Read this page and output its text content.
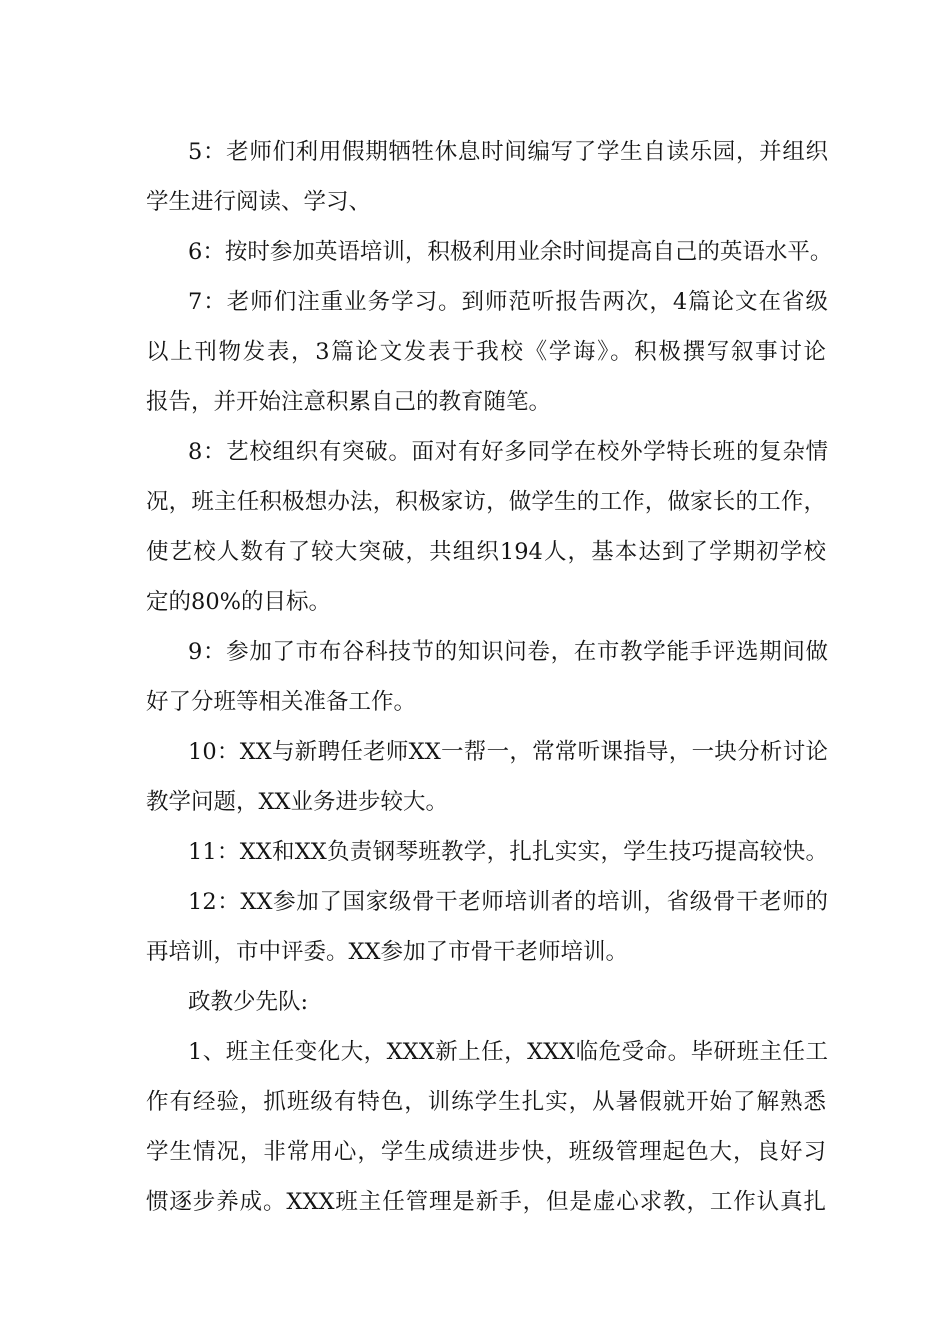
5：老师们利用假期牺牲休息时间编写了学生自读乐园，并组织

学生进行阅读、学习、

6：按时参加英语培训，积极利用业余时间提高自己的英语水平。

7：老师们注重业务学习。到师范听报告两次，4篇论文在省级

以上刊物发表，3篇论文发表于我校《学诲》。积极撰写叙事讨论

报告，并开始注意积累自己的教育随笔。

8：艺校组织有突破。面对有好多同学在校外学特长班的复杂情

况，班主任积极想办法，积极家访，做学生的工作，做家长的工作，

使艺校人数有了较大突破，共组织194人，基本达到了学期初学校

定的80%的目标。

9：参加了市布谷科技节的知识问卷，在市教学能手评选期间做

好了分班等相关准备工作。

10：XX与新聘任老师XX一帮一，常常听课指导，一块分析讨论

教学问题，XX业务进步较大。

11：XX和XX负责钢琴班教学，扎扎实实，学生技巧提高较快。

12：XX参加了国家级骨干老师培训者的培训，省级骨干老师的

再培训，市中评委。XX参加了市骨干老师培训。

政教少先队:

1、班主任变化大，XXX新上任，XXX临危受命。毕研班主任工

作有经验，抓班级有特色，训练学生扎实，从暑假就开始了解熟悉

学生情况，非常用心，学生成绩进步快，班级管理起色大，良好习

惯逐步养成。XXX班主任管理是新手，但是虚心求教，工作认真扎
